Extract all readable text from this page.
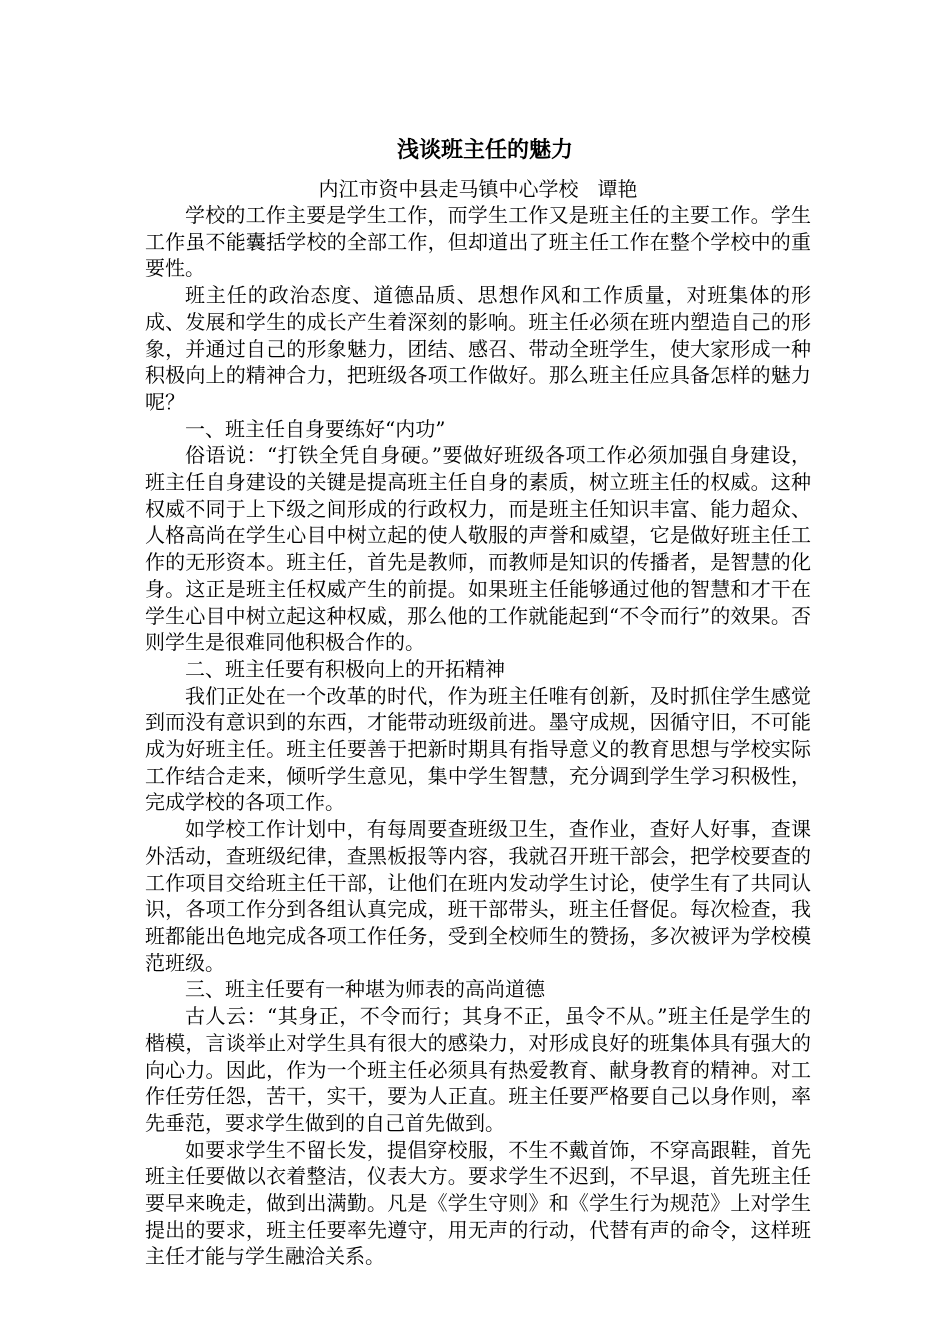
浅谈班主任的魅力
内江市资中县走马镇中心学校   谭艳

学校的工作主要是学生工作，而学生工作又是班主任的主要工作。学生工作虽不能囊括学校的全部工作，但却道出了班主任工作在整个学校中的重要性。

班主任的政治态度、道德品质、思想作风和工作质量，对班集体的形成、发展和学生的成长产生着深刻的影响。班主任必须在班内塑造自己的形象，并通过自己的形象魅力，团结、感召、带动全班学生，使大家形成一种积极向上的精神合力，把班级各项工作做好。那么班主任应具备怎样的魅力呢？

一、班主任自身要练好“内功”

俗语说：“打铁全凭自身硬。”要做好班级各项工作必须加强自身建设，班主任自身建设的关键是提高班主任自身的素质，树立班主任的权威。这种权威不同于上下级之间形成的行政权力，而是班主任知识丰富、能力超众、人格高尚在学生心目中树立起的使人敬服的声誉和威望，它是做好班主任工作的无形资本。班主任，首先是教师，而教师是知识的传播者，是智慧的化身。这正是班主任权威产生的前提。如果班主任能够通过他的智慧和才干在学生心目中树立起这种权威，那么他的工作就能起到“不令而行”的效果。否则学生是很难同他积极合作的。

二、班主任要有积极向上的开拓精神

我们正处在一个改革的时代，作为班主任唯有创新，及时抓住学生感觉到而没有意识到的东西，才能带动班级前进。墨守成规，因循守旧，不可能成为好班主任。班主任要善于把新时期具有指导意义的教育思想与学校实际工作结合走来，倾听学生意见，集中学生智慧，充分调到学生学习积极性，完成学校的各项工作。

如学校工作计划中，有每周要查班级卫生，查作业，查好人好事，查课外活动，查班级纪律，查黑板报等内容，我就召开班干部会，把学校要查的工作项目交给班主任干部，让他们在班内发动学生讨论，使学生有了共同认识，各项工作分到各组认真完成，班干部带头，班主任督促。每次检查，我班都能出色地完成各项工作任务，受到全校师生的赞扬，多次被评为学校模范班级。

三、班主任要有一种堪为师表的高尚道德

古人云：“其身正，不令而行；其身不正，虽令不从。”班主任是学生的楷模，言谈举止对学生具有很大的感染力，对形成良好的班集体具有强大的向心力。因此，作为一个班主任必须具有热爱教育、献身教育的精神。对工作任劳任怨，苦干，实干，要为人正直。班主任要严格要自己以身作则，率先垂范，要求学生做到的自己首先做到。

如要求学生不留长发，提倡穿校服，不生不戴首饰，不穿高跟鞋，首先班主任要做以衣着整洁，仪表大方。要求学生不迟到，不早退，首先班主任要早来晚走，做到出满勤。凡是《学生守则》和《学生行为规范》上对学生提出的要求，班主任要率先遵守，用无声的行动，代替有声的命令，这样班主任才能与学生融洽关系。
